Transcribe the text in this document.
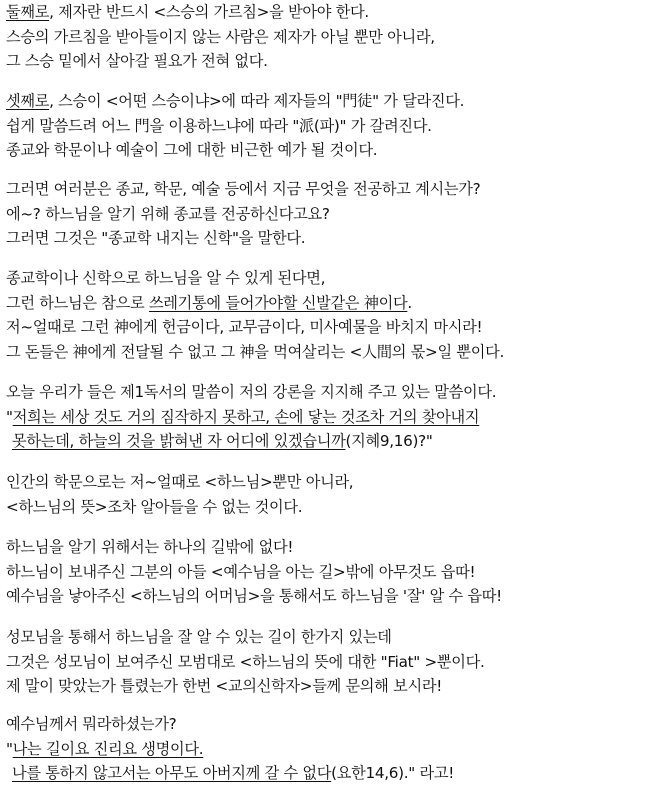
둘째로, 제자란 반드시 <스승의 가르침>을 받아야 한다.
스승의 가르침을 받아들이지 않는 사람은 제자가 아닐 뿐만 아니라,
그 스승 밑에서 살아갈 필요가 전혀 없다.
셋째로, 스승이 <어떤 스승이냐>에 따라 제자들의 "門徒" 가 달라진다.
쉽게 말씀드려 어느 門을 이용하느냐에 따라 "派(파)" 가 갈려진다.
종교와 학문이나 예술이 그에 대한 비근한 예가 될 것이다.
그러면 여러분은 종교, 학문, 예술 등에서 지금 무엇을 전공하고 계시는가?
에~? 하느님을 알기 위해 종교를 전공하신다고요?
그러면 그것은 "종교학 내지는 신학"을 말한다.
종교학이나 신학으로 하느님을 알 수 있게 된다면,
그런 하느님은 참으로 쓰레기통에 들어가야할 신발같은 神이다.
저~얼때로 그런 神에게 헌금이다, 교무금이다, 미사예물을 바치지 마시라!
그 돈들은 神에게 전달될 수 없고 그 神을 먹여살리는 <人間의 몫>일 뿐이다.
오늘 우리가 들은 제1독서의 말씀이 저의 강론을 지지해 주고 있는 말씀이다.
"저희는 세상 것도 거의 짐작하지 못하고, 손에 닿는 것조차 거의 찾아내지
못하는데, 하늘의 것을 밝혀낸 자 어디에 있겠습니까(지혜9,16)?"
인간의 학문으로는 저~얼때로 <하느님>뿐만 아니라,
<하느님의 뜻>조차 알아들을 수 없는 것이다.
하느님을 알기 위해서는 하나의 길밖에 없다!
하느님이 보내주신 그분의 아들 <예수님을 아는 길>밖에 아무것도 읍따!
예수님을 낳아주신 <하느님의 어머님>을 통해서도 하느님을 '잘' 알 수 읍따!
성모님을 통해서 하느님을 잘 알 수 있는 길이 한가지 있는데
그것은 성모님이 보여주신 모범대로 <하느님의 뜻에 대한 "Fiat" >뿐이다.
제 말이 맞았는가 틀렸는가 한번 <교의신학자>들께 문의해 보시라!
예수님께서 뭐라하셨는가?
"나는 길이요 진리요 생명이다.
나를 통하지 않고서는 아무도 아버지께 갈 수 없다(요한14,6)." 라고!
